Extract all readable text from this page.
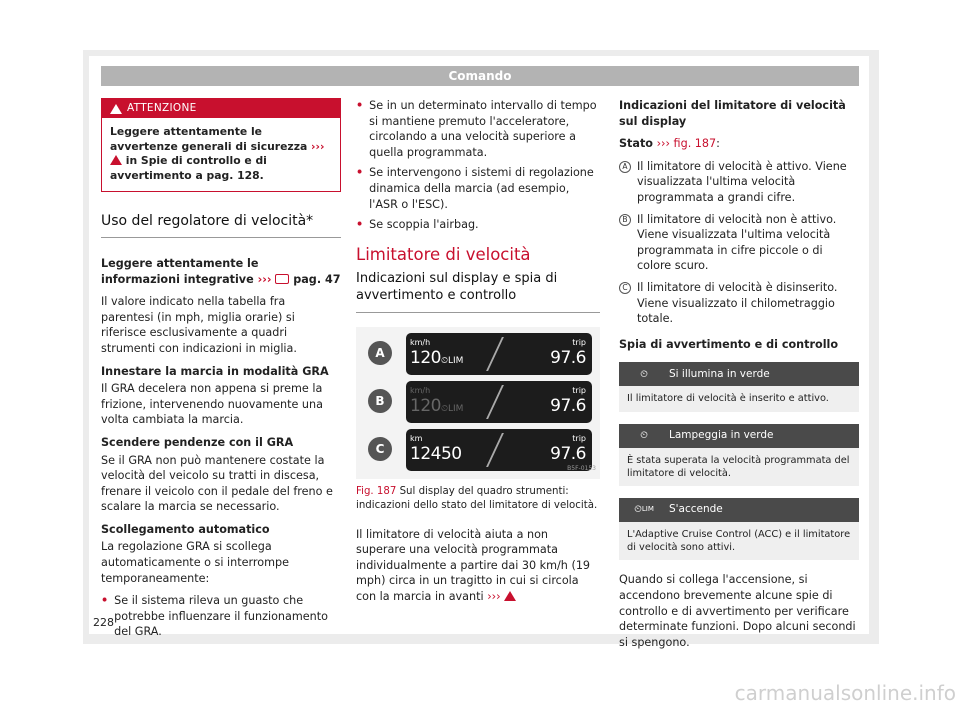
Comando
ATTENZIONE
Leggere attentamente le avvertenze generali di sicurezza ›››  in Spie di controllo e di avvertimento a pag. 128.
Uso del regolatore di velocità*

Leggere attentamente le informazioni integrative ››› pag. 47

Il valore indicato nella tabella fra parentesi (in mph, miglia orarie) si riferisce esclusivamente a quadri strumenti con indicazioni in miglia.

Innestare la marcia in modalità GRA

Il GRA decelera non appena si preme la frizione, intervenendo nuovamente una volta cambiata la marcia.

Scendere pendenze con il GRA

Se il GRA non può mantenere costate la velocità del veicolo su tratti in discesa, frenare il veicolo con il pedale del freno e scalare la marcia se necessario.

Scollegamento automatico

La regolazione GRA si scollega automaticamente o si interrompe temporaneamente:

• Se il sistema rileva un guasto che potrebbe influenzare il funzionamento del GRA.
• Se in un determinato intervallo di tempo si mantiene premuto l'acceleratore, circolando a una velocità superiore a quella programmata.
• Se intervengono i sistemi di regolazione dinamica della marcia (ad esempio, l'ASR o l'ESC).
• Se scoppia l'airbag.
Limitatore di velocità
Indicazioni sul display e spia di avvertimento e controllo
A
km/h
120⏲LIM
trip
97.6
B
km/h
120⏲LIM
trip
97.6
C
km
12450
trip
97.6
B5F-0153
Fig. 187 Sul display del quadro strumenti: indicazioni dello stato del limitatore di velocità.

Il limitatore di velocità aiuta a non superare una velocità programmata individualmente a partire dai 30 km/h (19 mph) circa in un tragitto in cui si circola con la marcia in avanti ›››

Indicazioni del limitatore di velocità sul display

Stato ››› fig. 187:

A Il limitatore di velocità è attivo. Viene visualizzata l'ultima velocità programmata a grandi cifre.
B Il limitatore di velocità non è attivo. Viene visualizzata l'ultima velocità programmata in cifre piccole o di colore scuro.
C Il limitatore di velocità è disinserito. Viene visualizzato il chilometraggio totale.

Spia di avvertimento e di controllo

⏲	Si illumina in verde
Il limitatore di velocità è inserito e attivo.
⏲	Lampeggia in verde
È stata superata la velocità programmata del limitatore di velocità.
⏲ LIM S'accende
L'Adaptive Cruise Control (ACC) e il limitatore di velocità sono attivi.

Quando si collega l'accensione, si accendono brevemente alcune spie di controllo e di avvertimento per verificare determinate funzioni. Dopo alcuni secondi si spengono.

228
carmanualsonline.info
